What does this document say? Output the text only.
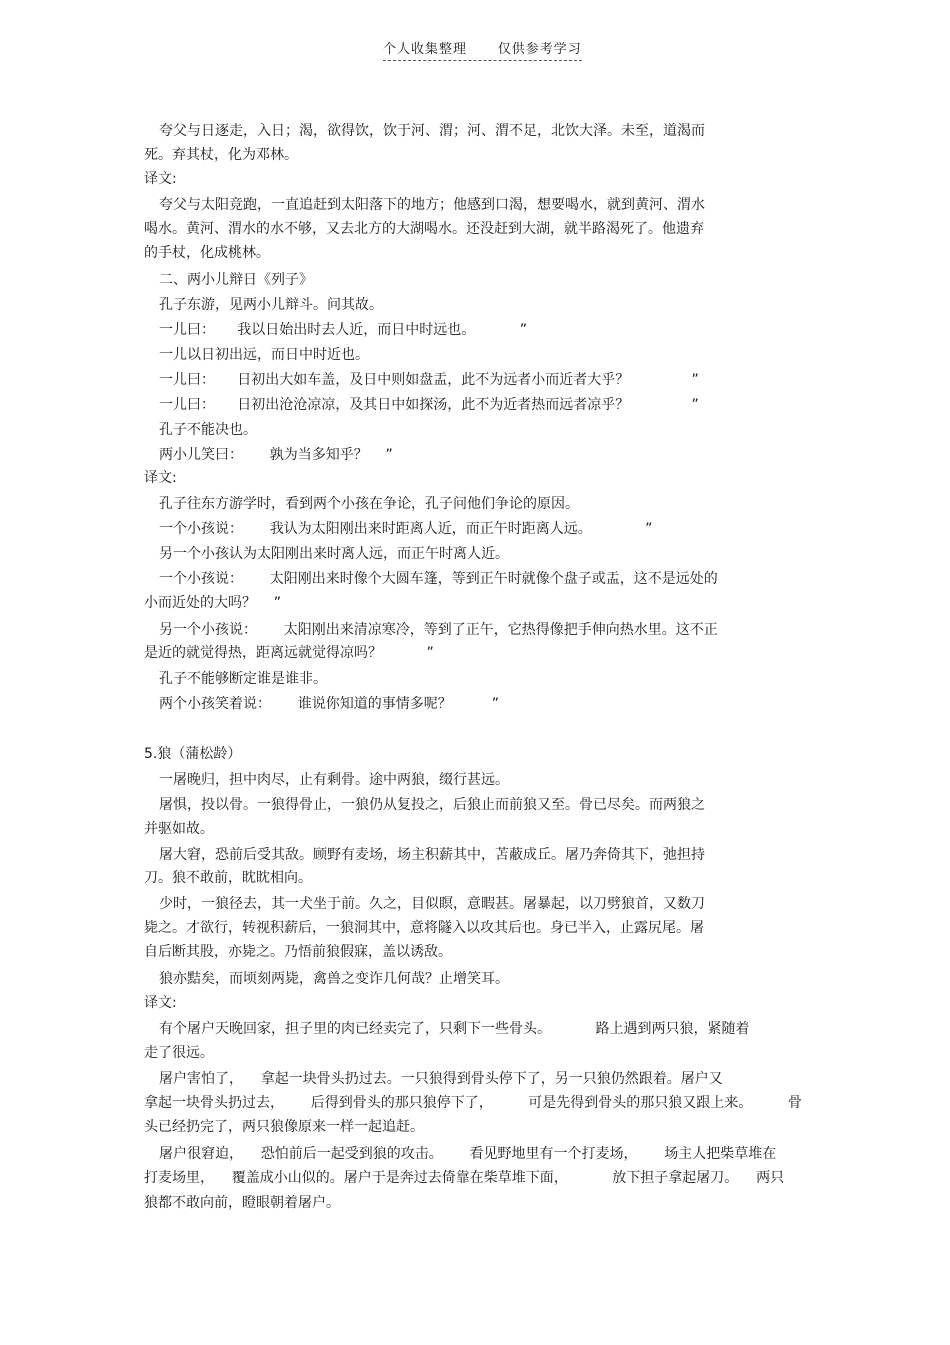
个人收集整理      仅供参考学习
夸父与日逐走，入日；渴，欲得饮，饮于河、渭；河、渭不足，北饮大泽。未至，道渴而
死。弃其杖，化为邓林。
译文:
夸父与太阳竞跑，一直追赶到太阳落下的地方；他感到口渴，想要喝水，就到黄河、渭水
喝水。黄河、渭水的水不够，又去北方的大湖喝水。还没赶到大湖，就半路渴死了。他遗弃
的手杖，化成桃林。
二、两小儿辩日《列子》
孔子东游，见两小儿辩斗。问其故。
一儿曰：     我以日始出时去人近，而日中时远也。          ”
一儿以日初出远，而日中时近也。
一儿曰：     日初出大如车盖，及日中则如盘盂，此不为远者小而近者大乎？              ”
一儿曰：     日初出沧沧凉凉，及其日中如探汤，此不为近者热而远者凉乎？              ”
孔子不能决也。
两小儿笑曰：      孰为当多知乎？    ”
译文:
孔子往东方游学时，看到两个小孩在争论，孔子问他们争论的原因。
一个小孩说：      我认为太阳刚出来时距离人近，而正午时距离人远。            ”
另一个小孩认为太阳刚出来时离人远，而正午时离人近。
一个小孩说：      太阳刚出来时像个大圆车篷，等到正午时就像个盘子或盂，这不是远处的
小而近处的大吗？    ”
另一个小孩说：      太阳刚出来清凉寒冷，等到了正午，它热得像把手伸向热水里。这不正
是近的就觉得热，距离远就觉得凉吗？          ”
孔子不能够断定谁是谁非。
两个小孩笑着说：      谁说你知道的事情多呢？         ”
5.狼（蒲松龄）
一屠晚归，担中肉尽，止有剩骨。途中两狼，缀行甚远。
屠惧，投以骨。一狼得骨止，一狼仍从复投之，后狼止而前狼又至。骨已尽矣。而两狼之
并驱如故。
屠大窘，恐前后受其敌。顾野有麦场，场主积薪其中，苫蔽成丘。屠乃奔倚其下，弛担持
刀。狼不敢前，眈眈相向。
少时，一狼径去，其一犬坐于前。久之，目似瞑，意暇甚。屠暴起，以刀劈狼首，又数刀
毙之。才欲行，转视积薪后，一狼洞其中，意将隧入以攻其后也。身已半入，止露尻尾。屠
自后断其股，亦毙之。乃悟前狼假寐，盖以诱敌。
狼亦黠矣，而顷刻两毙，禽兽之变诈几何哉？止增笑耳。
译文:
有个屠户天晚回家，担子里的肉已经卖完了，只剩下一些骨头。          路上遇到两只狼，紧随着
走了很远。
屠户害怕了，    拿起一块骨头扔过去。一只狼得到骨头停下了，另一只狼仍然跟着。屠户又
拿起一块骨头扔过去，      后得到骨头的那只狼停下了，        可是先得到骨头的那只狼又跟上来。        骨
头已经扔完了，两只狼像原来一样一起追赶。
屠户很窘迫，    恐怕前后一起受到狼的攻击。      看见野地里有一个打麦场，      场主人把柴草堆在
打麦场里，    覆盖成小山似的。屠户于是奔过去倚靠在柴草堆下面，          放下担子拿起屠刀。    两只
狼都不敢向前，瞪眼朝着屠户。
